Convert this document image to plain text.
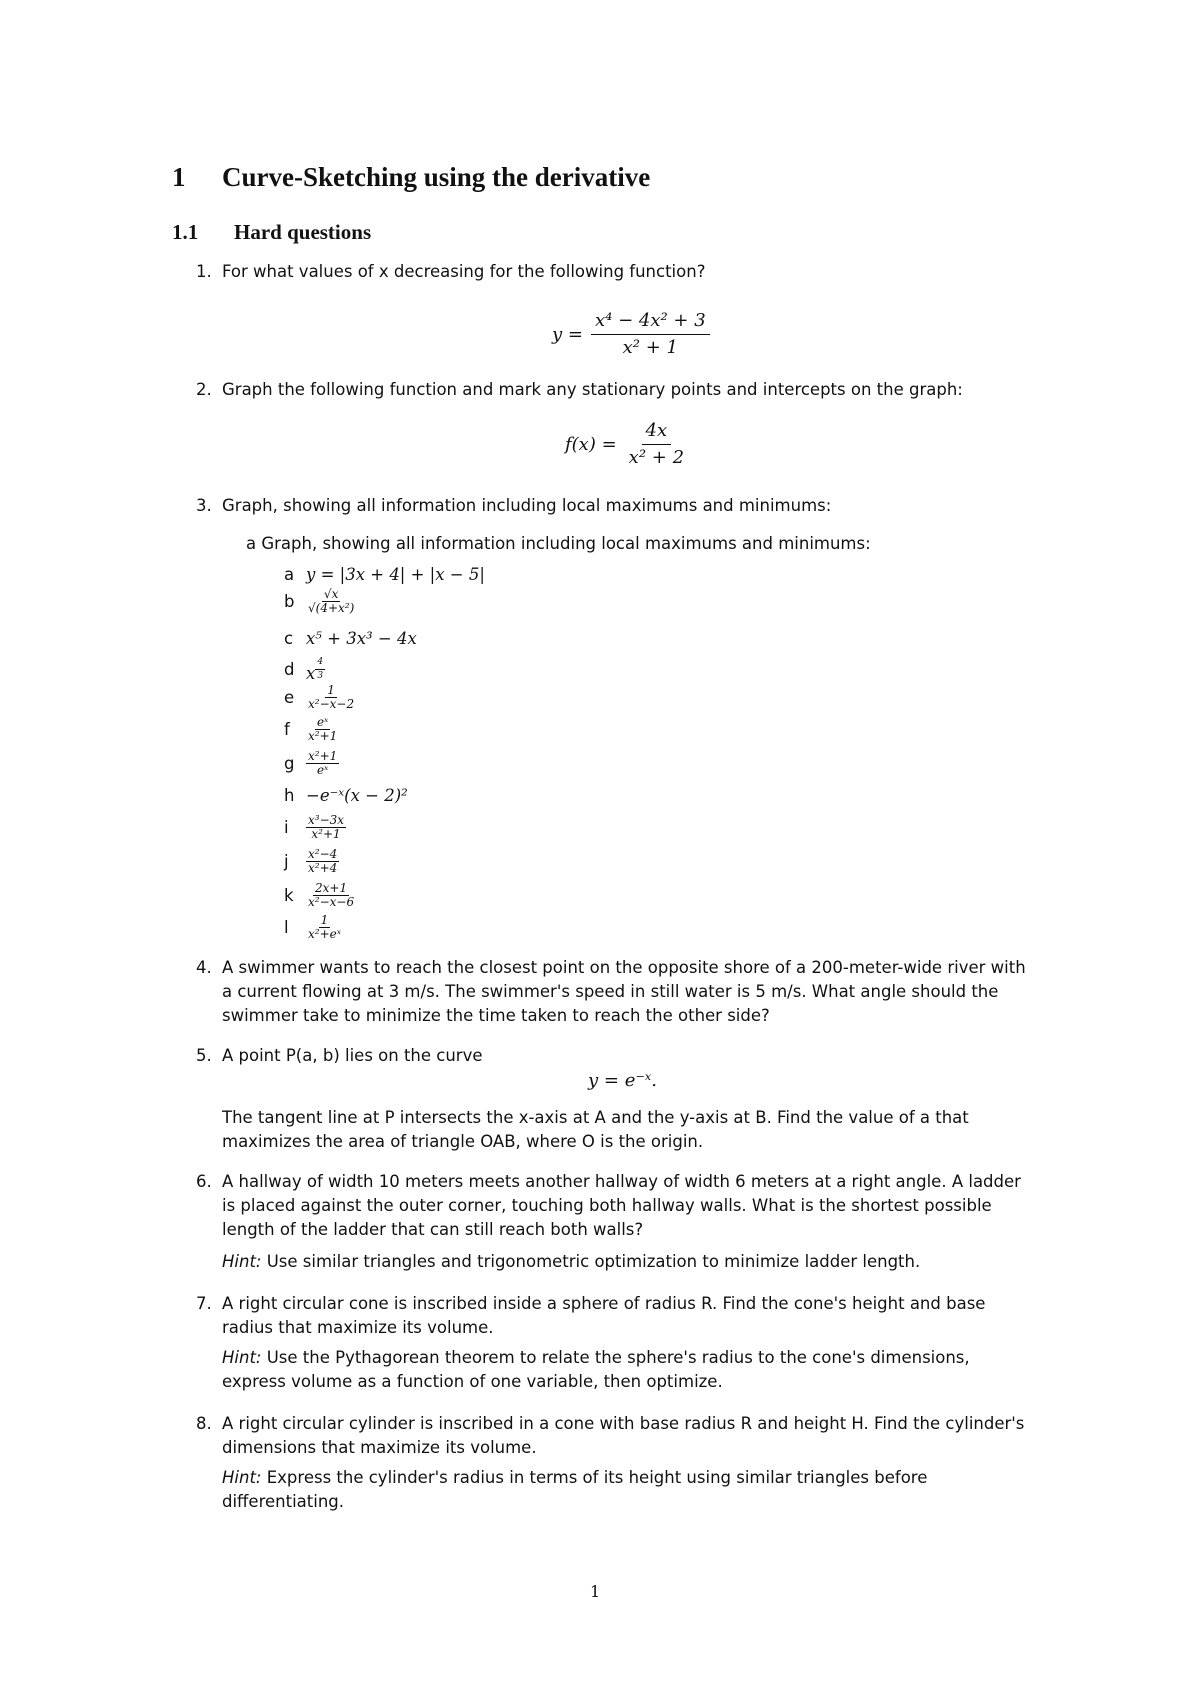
1 Curve-Sketching using the derivative
1.1 Hard questions
1. For what values of x decreasing for the following function?
$y = \frac{\text{x⁴ − 4x² + 3}}{\text{x² + 1}}$
2. Graph the following function and mark any stationary points and intercepts on the graph:
$f(x) = \frac{4x}{\text{x² + 2}}$
3. Graph, showing all information including local maximums and minimums:
a Graph, showing all information including local maximums and minimums:
a y = |3x + 4| + |x − 5|
b $\frac{√x}{\text{√(4+x²)}}$
c x⁵ + 3x³ − 4x
d x $^{\frac{4}{3}}$
e $\frac{1}{\text{x²−x−2}}$
f	$\frac{\text{eˣ}}{\text{x²+1}}$
g $\frac{\text{x²+1}}{\text{eˣ}}$
h −e⁻ˣ(x − 2)²
i	$\frac{\text{x³−3x}}{\text{x²+1}}$
j	$\frac{\text{x²−4}}{\text{x²+4}}$
k	$\frac{2x+1}{\text{x²−x−6}}$
l	$\frac{1}{\text{x²+eˣ}}$
4. A swimmer wants to reach the closest point on the opposite shore of a 200-meter-wide river with a current flowing at 3 m/s. The swimmer's speed in still water is 5 m/s. What angle should the swimmer take to minimize the time taken to reach the other side?
5. A point P(a, b) lies on the curve
y = e⁻ˣ.
The tangent line at P intersects the x-axis at A and the y-axis at B. Find the value of a that maximizes the area of triangle OAB, where O is the origin.
6. A hallway of width 10 meters meets another hallway of width 6 meters at a right angle. A ladder is placed against the outer corner, touching both hallway walls. What is the shortest possible length of the ladder that can still reach both walls?
Hint: Use similar triangles and trigonometric optimization to minimize ladder length.
7. A right circular cone is inscribed inside a sphere of radius R. Find the cone's height and base radius that maximize its volume.
Hint: Use the Pythagorean theorem to relate the sphere's radius to the cone's dimensions, express volume as a function of one variable, then optimize.
8. A right circular cylinder is inscribed in a cone with base radius R and height H. Find the cylinder's dimensions that maximize its volume.
Hint: Express the cylinder's radius in terms of its height using similar triangles before differentiating.
1
